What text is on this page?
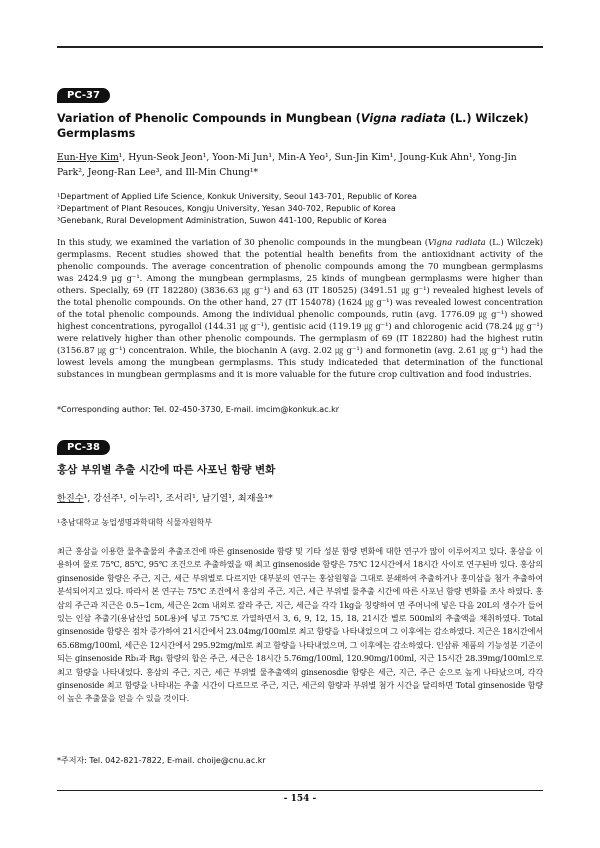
PC-37
Variation of Phenolic Compounds in Mungbean (Vigna radiata (L.) Wilczek) Germplasms
Eun-Hye Kim¹, Hyun-Seok Jeon¹, Yoon-Mi Jun¹, Min-A Yeo¹, Sun-Jin Kim¹, Joung-Kuk Ahn¹, Yong-Jin Park², Jeong-Ran Lee³, and Ill-Min Chung¹*
¹Department of Applied Life Science, Konkuk University, Seoul 143-701, Republic of Korea
²Department of Plant Resouces, Kongju University, Yesan 340-702, Republic of Korea
³Genebank, Rural Development Administration, Suwon 441-100, Republic of Korea

In this study, we examined the variation of 30 phenolic compounds in the mungbean (Vigna radiata (L.) Wilczek) germplasms. Recent studies showed that the potential health benefits from the antioxidnant activity of the phenolic compounds. The average concentration of phenolic compounds among the 70 mungbean germplasms was 2424.9 µg g⁻¹. Among the mungbean germplasms, 25 kinds of mungbean germplasms were higher than others. Specially, 69 (IT 182280) (3836.63 ㎍ g⁻¹) and 63 (IT 180525) (3491.51 ㎍ g⁻¹) revealed highest levels of the total phenolic compounds. On the other hand, 27 (IT 154078) (1624 ㎍ g⁻¹) was revealed lowest concentration of the total phenolic compounds. Among the individual phenolic compounds, rutin (avg. 1776.09 ㎍ g⁻¹) showed highest concentrations, pyrogallol (144.31 ㎍ g⁻¹), gentisic acid (119.19 ㎍ g⁻¹) and chlorogenic acid (78.24 ㎍ g⁻¹) were relatively higher than other phenolic compounds. The germplasm of 69 (IT 182280) had the highest rutin (3156.87 ㎍ g⁻¹) concentraion. While, the biochanin A (avg. 2.02 ㎍ g⁻¹) and formonetin (avg. 2.61 ㎍ g⁻¹) had the lowest levels among the mungbean germplasms. This study indicateded that determination of the functional substances in mungbean germplasms and it is more valuable for the future crop cultivation and food industries.

*Corresponding author: Tel. 02-450-3730, E-mail. imcim@konkuk.ac.kr
PC-38
홍삼 부위별 추출 시간에 따른 사포닌 함량 변화
한진수¹, 강선주¹, 이누리¹, 조서리¹, 남기열¹, 최재을¹*
¹충남대학교 농업생명과학대학 식물자원학부
최근 홍삼을 이용한 물추출물의 추출조건에 따른 ginsenoside 함량 및 기타 성분 함량 변화에 대한 연구가 많이 이루어지고 있다. 홍삼을 이용하여 물로 75℃, 85℃, 95℃ 조건으로 추출하였을 때 최고 ginsenoside 함량은 75℃ 12시간에서 18시간 사이로 연구된바 있다. 홍삼의 ginsenoside 함량은 주근, 지근, 세근 부위별로 다르지만 대부분의 연구는 홍삼원형을 그대로 분쇄하여 추출하거나 홍미삼을 첨가 추출하여 분석되어지고 있다. 따라서 본 연구는 75℃ 조건에서 홍삼의 주근, 지근, 세근 부위별 물추출 시간에 따른 사포닌 함량 변화를 조사 하였다. 홍삼의 주근과 지근은 0.5~1cm, 세근은 2cm 내외로 잘라 주근, 지근, 세근을 각각 1kg을 칭량하여 면 주머니에 넣은 다음 20L의 생수가 들어있는 인삼 추출기(용남산업 50L용)에 넣고 75℃로 가열하면서 3, 6, 9, 12, 15, 18, 21시간 별로 500ml의 추출액을 채취하였다. Total ginsenoside 함량은 점차 증가하여 21시간에서 23.04mg/100ml로 최고 함량을 나타내었으며 그 이후에는 감소하였다. 지근은 18시간에서 65.68mg/100ml, 세근은 12시간에서 295.92mg/ml로 최고 함량을 나타내었으며, 그 이후에는 감소하였다. 인삼류 제품의 기능성분 기준이 되는 ginsenoside Rb₁과 Rg₁ 함량의 합은 주근, 세근은 18시간 5.76mg/100ml, 120.90mg/100ml, 지근 15시간 28.39mg/100ml으로 최고 함량을 나타내었다. 홍삼의 주근, 지근, 세근 부위별 물추출액의 ginsenosdie 함량은 세근, 지근, 주근 순으로 높게 나타났으며, 각각 ginsenoside 최고 함량을 나타내는 추출 시간이 다르므로 주근, 지근, 세근의 함량과 부위별 첨가 시간을 달리하면 Total ginsenoside 함량이 높은 추출물을 얻을 수 있을 것이다.
*주저자: Tel. 042-821-7822, E-mail. choije@cnu.ac.kr
- 154 -
